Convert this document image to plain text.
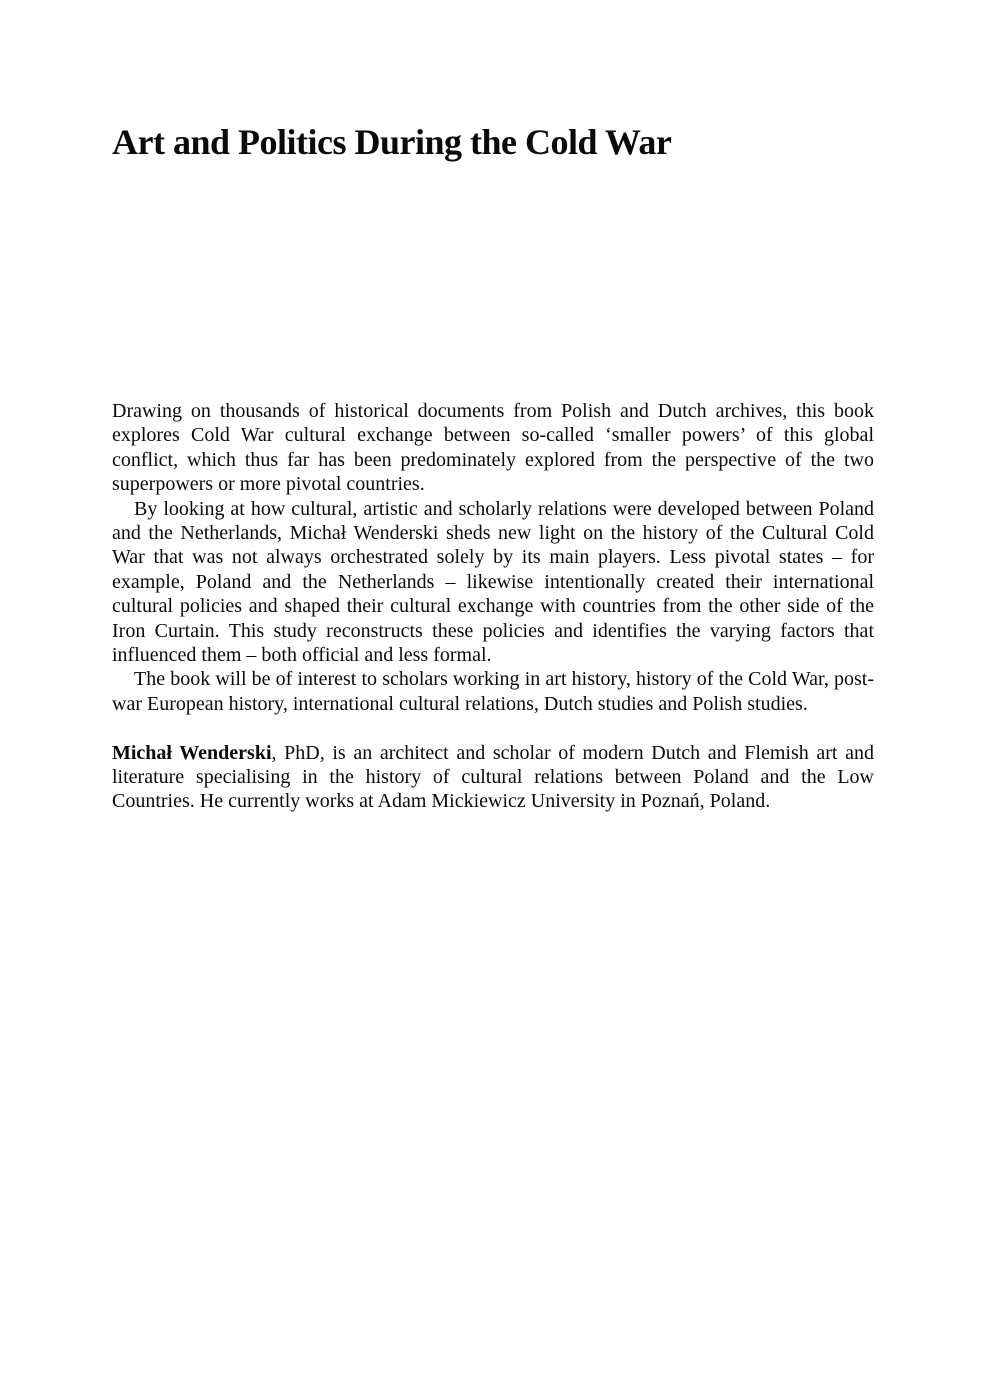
Art and Politics During the Cold War

Drawing on thousands of historical documents from Polish and Dutch archives, this book explores Cold War cultural exchange between so-called ‘smaller powers’ of this global conflict, which thus far has been predominately explored from the perspective of the two superpowers or more pivotal countries.

By looking at how cultural, artistic and scholarly relations were developed between Poland and the Netherlands, Michał Wenderski sheds new light on the history of the Cultural Cold War that was not always orchestrated solely by its main players. Less pivotal states – for example, Poland and the Netherlands – likewise intentionally created their international cultural policies and shaped their cultural exchange with countries from the other side of the Iron Curtain. This study reconstructs these policies and identifies the varying factors that influenced them – both official and less formal.

The book will be of interest to scholars working in art history, history of the Cold War, post-war European history, international cultural relations, Dutch studies and Polish studies.

Michał Wenderski, PhD, is an architect and scholar of modern Dutch and Flemish art and literature specialising in the history of cultural relations between Poland and the Low Countries. He currently works at Adam Mickiewicz University in Poznań, Poland.
